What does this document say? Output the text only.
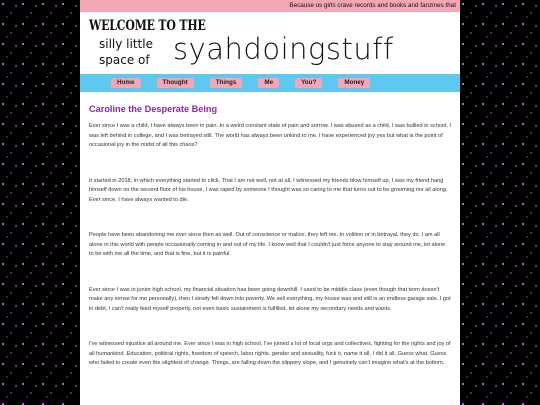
Because us girls crave records and books and fanzines that
WELCOME TO THE
silly little
space of syahdoingstuff
Home	Thought	Things	Me	You?	Money
Caroline the Desperate Being

Ever since I was a child, I have always been in pain. In a weird constant state of pain and sorrow. I was abused as a child, I was bullied in school, I was left behind in college, and I was betrayed still. The world has always been unkind to me. I have experienced joy yes but what is the point of occasional joy in the midst of all this chaos?

It started in 2018, in which everything started to click. That I am not well, not at all, I witnessed my friends blow himself up, I was my friend hang himself down on the second floor of his house, I was raped by someone I thought was so caring to me that turns out to be grooming me all along. Ever since, I have always wanted to die.

People have been abandoning me ever since then as well. Out of conscience or malice, they left me. In volition or in betrayal, they do. I am all alone in this world with people occasionally coming in and out of my life. I know well that I couldn't just force anyone to stay around me, let alone to be with me all the time, and that is fine, but it is painful.

Ever since I was in junior high school, my financial situation has been going downhill. I used to be middle class (even though that term doesn't make any sense for me personally), then I slowly fell down into poverty. We sell everything, my house was and still is an endless garage sale. I got in debt, I can't really feed myself properly, not even basic sustainment is fulfilled, let alone my secondary needs and wants.

I've witnessed injustice all around me. Ever since I was in high school, I've joined a lot of local orgs and collectives, fighting for the rights and joy of all humankind. Education, political rights, freedom of speech, labor rights, gender and sexuality, fuck it, name it all, I did it all. Guess what. Guess who failed to create even the slightest of change. Things, are falling down the slippery slope, and I genuinely can't imagine what's at the bottom.
